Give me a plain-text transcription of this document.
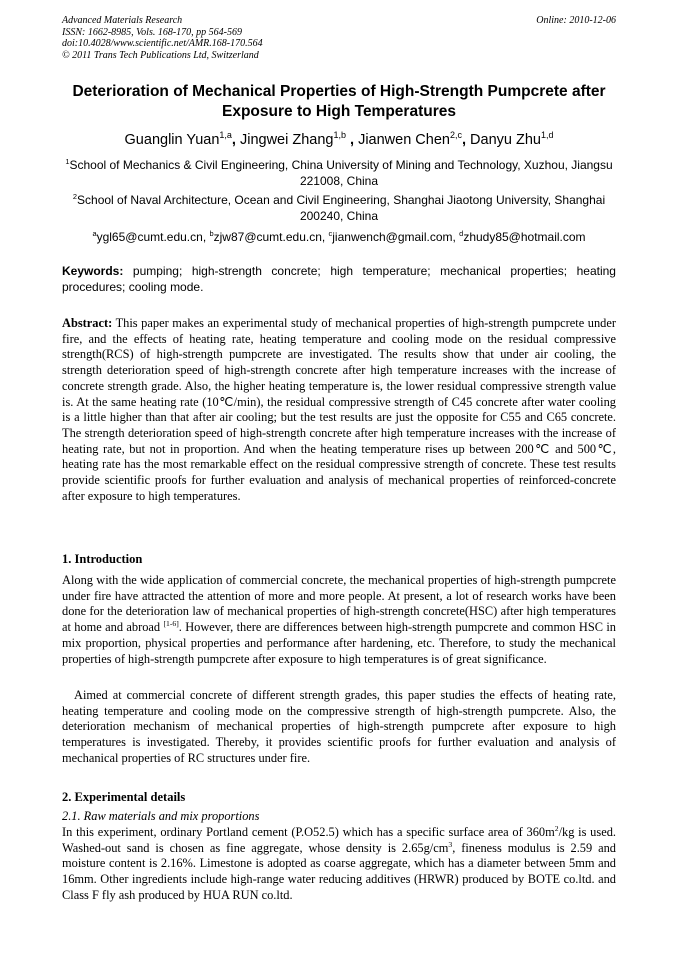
Advanced Materials Research
ISSN: 1662-8985, Vols. 168-170, pp 564-569
doi:10.4028/www.scientific.net/AMR.168-170.564
© 2011 Trans Tech Publications Ltd, Switzerland
Online: 2010-12-06
Deterioration of Mechanical Properties of High-Strength Pumpcrete after Exposure to High Temperatures
Guanglin Yuan$^{1,a}$, Jingwei Zhang$^{1,b}$ , Jianwen Chen$^{2,c}$, Danyu Zhu$^{1,d}$
$^1$School of Mechanics & Civil Engineering, China University of Mining and Technology, Xuzhou, Jiangsu 221008, China
$^2$School of Naval Architecture, Ocean and Civil Engineering, Shanghai Jiaotong University, Shanghai 200240, China
$^a$ygl65@cumt.edu.cn, $^b$zjw87@cumt.edu.cn, $^c$jianwench@gmail.com, $^d$zhudy85@hotmail.com
Keywords: pumping; high-strength concrete; high temperature; mechanical properties; heating procedures; cooling mode.
Abstract: This paper makes an experimental study of mechanical properties of high-strength pumpcrete under fire, and the effects of heating rate, heating temperature and cooling mode on the residual compressive strength(RCS) of high-strength pumpcrete are investigated. The results show that under air cooling, the strength deterioration speed of high-strength concrete after high temperature increases with the increase of concrete strength grade. Also, the higher heating temperature is, the lower residual compressive strength value is. At the same heating rate (10℃/min), the residual compressive strength of C45 concrete after water cooling is a little higher than that after air cooling; but the test results are just the opposite for C55 and C65 concrete. The strength deterioration speed of high-strength concrete after high temperature increases with the increase of heating rate, but not in proportion. And when the heating temperature rises up between 200℃ and 500℃, heating rate has the most remarkable effect on the residual compressive strength of concrete. These test results provide scientific proofs for further evaluation and analysis of mechanical properties of reinforced-concrete after exposure to high temperatures.
1. Introduction
Along with the wide application of commercial concrete, the mechanical properties of high-strength pumpcrete under fire have attracted the attention of more and more people. At present, a lot of research works have been done for the deterioration law of mechanical properties of high-strength concrete(HSC) after high temperatures at home and abroad [1-6]. However, there are differences between high-strength pumpcrete and common HSC in mix proportion, physical properties and performance after hardening, etc. Therefore, to study the mechanical properties of high-strength pumpcrete after exposure to high temperatures is of great significance.
Aimed at commercial concrete of different strength grades, this paper studies the effects of heating rate, heating temperature and cooling mode on the compressive strength of high-strength pumpcrete. Also, the deterioration mechanism of mechanical properties of high-strength pumpcrete after exposure to high temperatures is investigated. Thereby, it provides scientific proofs for further evaluation and analysis of mechanical properties of RC structures under fire.
2. Experimental details
2.1. Raw materials and mix proportions
In this experiment, ordinary Portland cement (P.O52.5) which has a specific surface area of $360m^2/kg$ is used. Washed-out sand is chosen as fine aggregate, whose density is $2.65g/cm^3$, fineness modulus is 2.59 and moisture content is 2.16%. Limestone is adopted as coarse aggregate, which has a diameter between 5mm and 16mm. Other ingredients include high-range water reducing additives (HRWR) produced by BOTE co.ltd. and Class F fly ash produced by HUA RUN co.ltd.
